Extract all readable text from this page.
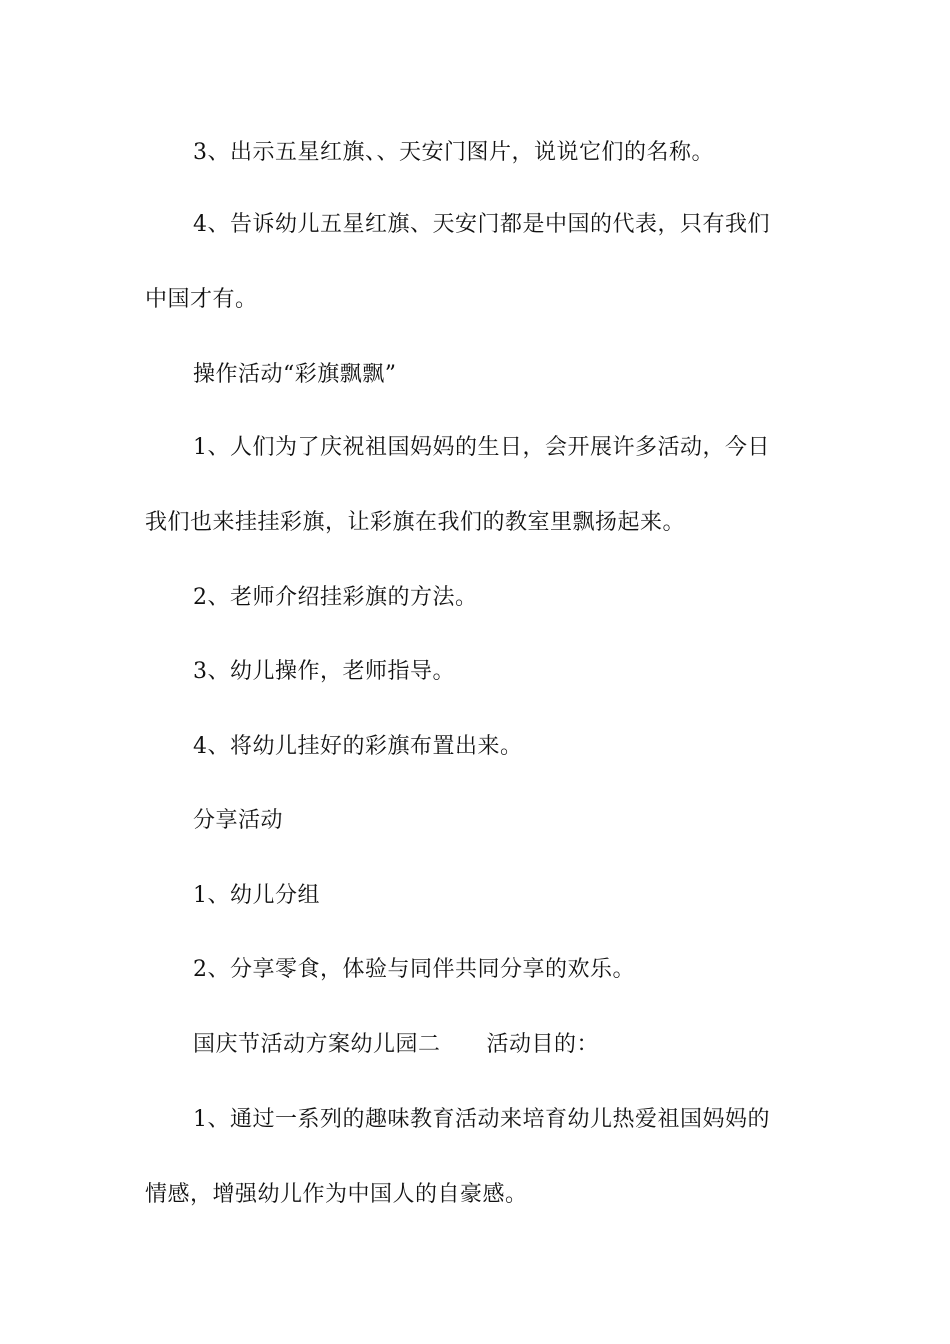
3、出示五星红旗、、天安门图片，说说它们的名称。
4、告诉幼儿五星红旗、天安门都是中国的代表，只有我们
中国才有。
操作活动“彩旗飘飘”
1、人们为了庆祝祖国妈妈的生日，会开展许多活动，今日
我们也来挂挂彩旗，让彩旗在我们的教室里飘扬起来。
2、老师介绍挂彩旗的方法。
3、幼儿操作，老师指导。
4、将幼儿挂好的彩旗布置出来。
分享活动
1、幼儿分组
2、分享零食，体验与同伴共同分享的欢乐。
国庆节活动方案幼儿园二 活动目的：
1、通过一系列的趣味教育活动来培育幼儿热爱祖国妈妈的
情感，增强幼儿作为中国人的自豪感。
